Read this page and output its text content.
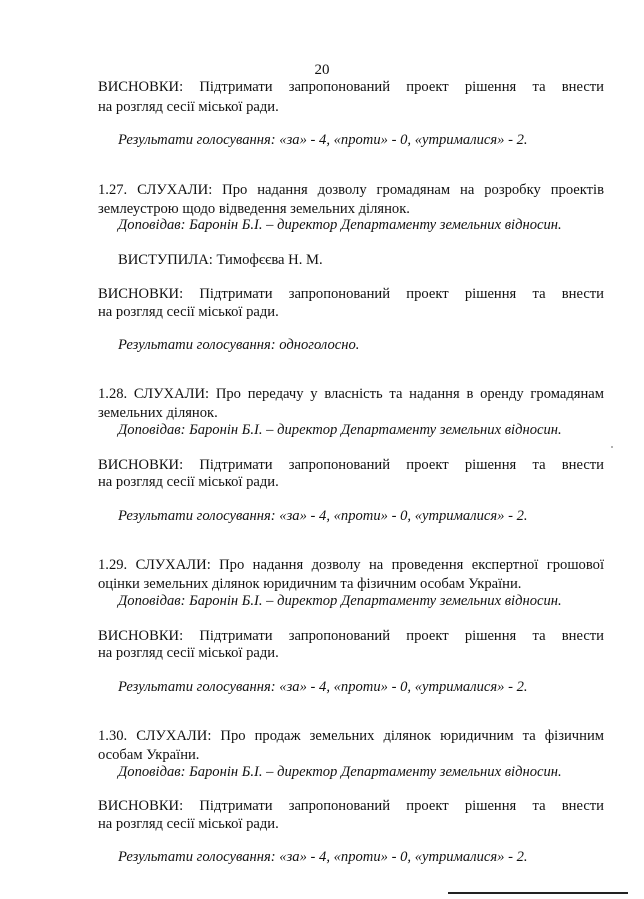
20
ВИСНОВКИ: Підтримати запропонований проект рішення та внести
на розгляд сесії міської ради.
Результати голосування: «за» - 4, «проти» - 0, «утрималися» - 2.
1.27. СЛУХАЛИ: Про надання дозволу громадянам на розробку проектів
землеустрою щодо відведення земельних ділянок.
Доповідав: Баронін Б.І. – директор Департаменту земельних відносин.
ВИСТУПИЛА: Тимофєєва Н. М.
ВИСНОВКИ: Підтримати запропонований проект рішення та внести
на розгляд сесії міської ради.
Результати голосування: одноголосно.
1.28. СЛУХАЛИ: Про передачу у власність та надання в оренду громадянам
земельних ділянок.
Доповідав: Баронін Б.І. – директор Департаменту земельних відносин.
ВИСНОВКИ: Підтримати запропонований проект рішення та внести
на розгляд сесії міської ради.
Результати голосування: «за» - 4, «проти» - 0, «утрималися» - 2.
1.29. СЛУХАЛИ: Про надання дозволу на проведення експертної грошової
оцінки земельних ділянок юридичним та фізичним особам України.
Доповідав: Баронін Б.І. – директор Департаменту земельних відносин.
ВИСНОВКИ: Підтримати запропонований проект рішення та внести
на розгляд сесії міської ради.
Результати голосування: «за» - 4, «проти» - 0, «утрималися» - 2.
1.30. СЛУХАЛИ: Про продаж земельних ділянок юридичним та фізичним
особам України.
Доповідав: Баронін Б.І. – директор Департаменту земельних відносин.
ВИСНОВКИ: Підтримати запропонований проект рішення та внести
на розгляд сесії міської ради.
Результати голосування: «за» - 4, «проти» - 0, «утрималися» - 2.
